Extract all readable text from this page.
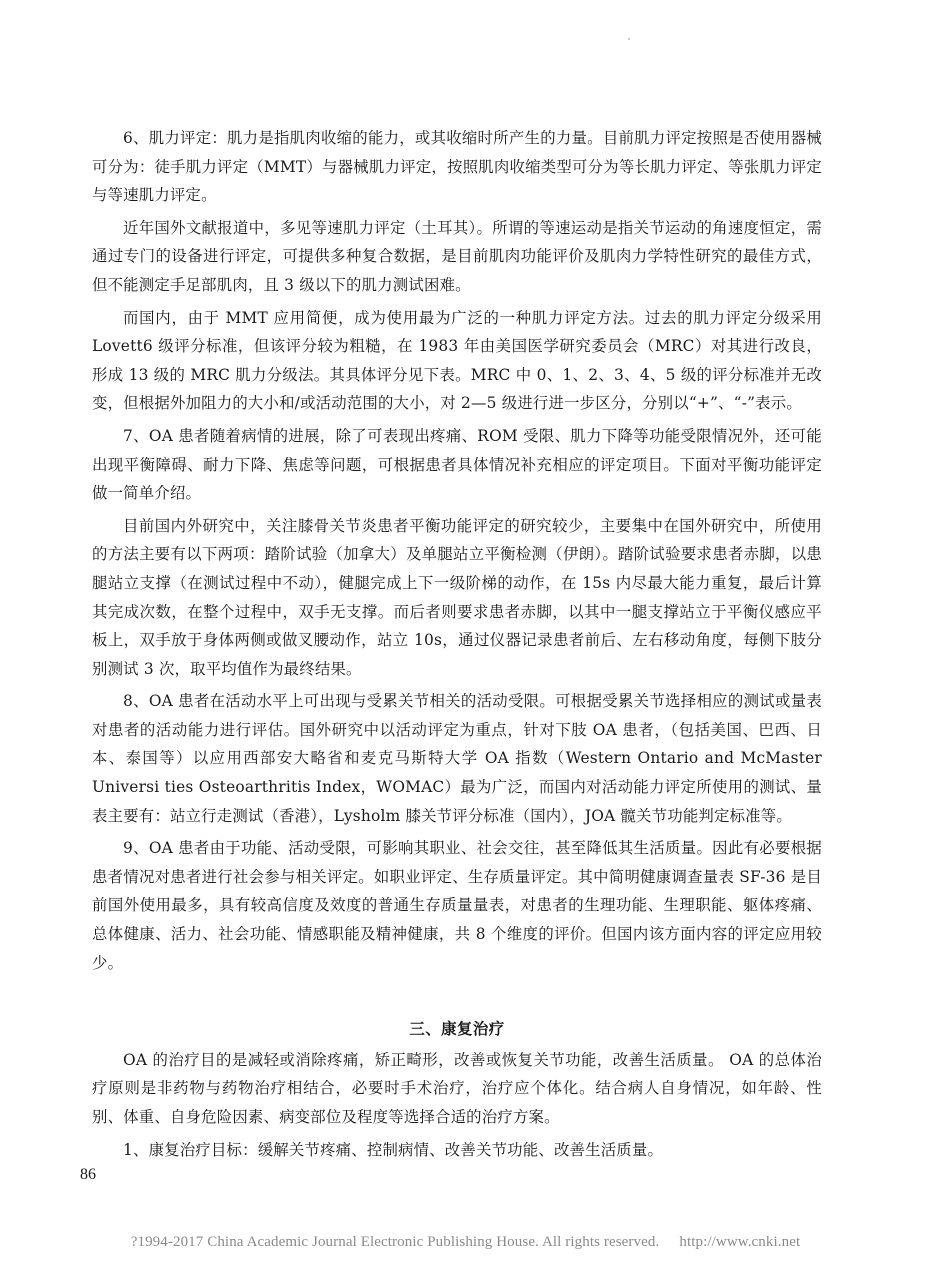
6、肌力评定：肌力是指肌肉收缩的能力，或其收缩时所产生的力量。目前肌力评定按照是否使用器械可分为：徒手肌力评定（MMT）与器械肌力评定，按照肌肉收缩类型可分为等长肌力评定、等张肌力评定与等速肌力评定。

近年国外文献报道中，多见等速肌力评定（土耳其）。所谓的等速运动是指关节运动的角速度恒定，需通过专门的设备进行评定，可提供多种复合数据，是目前肌肉功能评价及肌肉力学特性研究的最佳方式，但不能测定手足部肌肉，且 3 级以下的肌力测试困难。

而国内，由于 MMT 应用简便，成为使用最为广泛的一种肌力评定方法。过去的肌力评定分级采用 Lovett6 级评分标准，但该评分较为粗糙，在 1983 年由美国医学研究委员会（MRC）对其进行改良，形成 13 级的 MRC 肌力分级法。其具体评分见下表。MRC 中 0、1、2、3、4、5 级的评分标准并无改变，但根据外加阻力的大小和/或活动范围的大小，对 2—5 级进行进一步区分，分别以“+”、“-”表示。

7、OA 患者随着病情的进展，除了可表现出疼痛、ROM 受限、肌力下降等功能受限情况外，还可能出现平衡障碍、耐力下降、焦虑等问题，可根据患者具体情况补充相应的评定项目。下面对平衡功能评定做一简单介绍。

目前国内外研究中，关注膝骨关节炎患者平衡功能评定的研究较少，主要集中在国外研究中，所使用的方法主要有以下两项：踏阶试验（加拿大）及单腿站立平衡检测（伊朗）。踏阶试验要求患者赤脚，以患腿站立支撑（在测试过程中不动），健腿完成上下一级阶梯的动作，在 15s 内尽最大能力重复，最后计算其完成次数，在整个过程中，双手无支撑。而后者则要求患者赤脚，以其中一腿支撑站立于平衡仪感应平板上，双手放于身体两侧或做叉腰动作，站立 10s，通过仪器记录患者前后、左右移动角度，每侧下肢分别测试 3 次，取平均值作为最终结果。

8、OA 患者在活动水平上可出现与受累关节相关的活动受限。可根据受累关节选择相应的测试或量表对患者的活动能力进行评估。国外研究中以活动评定为重点，针对下肢 OA 患者，（包括美国、巴西、日本、泰国等）以应用西部安大略省和麦克马斯特大学 OA 指数（Western Ontario and McMaster Universi ties Osteoarthritis Index，WOMAC）最为广泛，而国内对活动能力评定所使用的测试、量表主要有：站立行走测试（香港），Lysholm 膝关节评分标准（国内），JOA 髋关节功能判定标准等。

9、OA 患者由于功能、活动受限，可影响其职业、社会交往，甚至降低其生活质量。因此有必要根据患者情况对患者进行社会参与相关评定。如职业评定、生存质量评定。其中简明健康调查量表 SF-36 是目前国外使用最多，具有较高信度及效度的普通生存质量量表，对患者的生理功能、生理职能、躯体疼痛、总体健康、活力、社会功能、情感职能及精神健康，共 8 个维度的评价。但国内该方面内容的评定应用较少。

三、康复治疗

OA 的治疗目的是减轻或消除疼痛，矫正畸形，改善或恢复关节功能，改善生活质量。 OA 的总体治疗原则是非药物与药物治疗相结合，必要时手术治疗，治疗应个体化。结合病人自身情况，如年龄、性别、体重、自身危险因素、病变部位及程度等选择合适的治疗方案。

1、康复治疗目标：缓解关节疼痛、控制病情、改善关节功能、改善生活质量。

86
?1994-2017 China Academic Journal Electronic Publishing House. All rights reserved. http://www.cnki.net
